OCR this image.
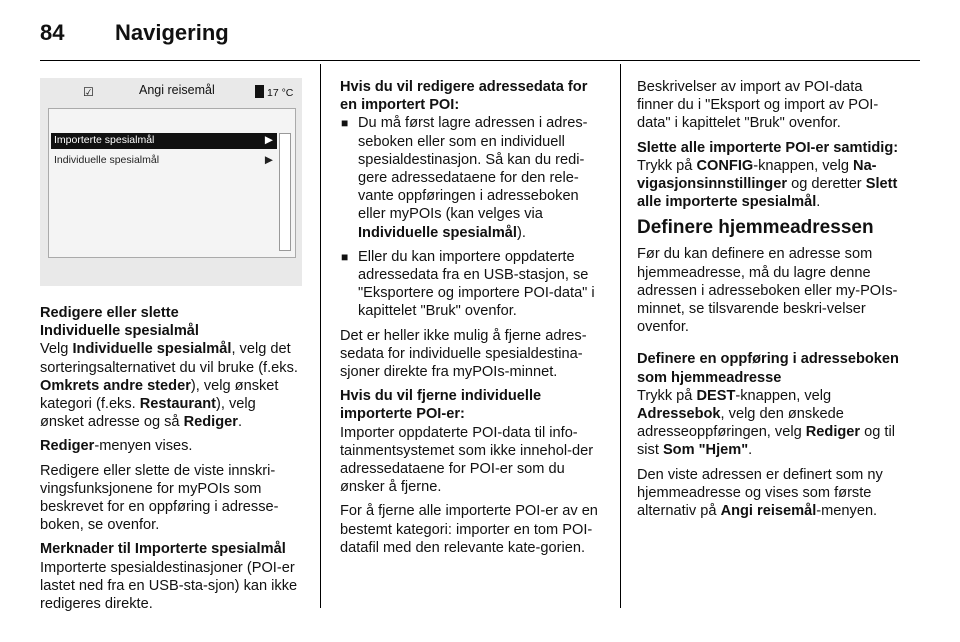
84 Navigering
☑	Angi reisemål	17 °C
Importerte spesialmål	▶
Individuelle spesialmål	▶

Redigere eller slette
Individuelle spesialmål

Velg Individuelle spesialmål, velg det sorteringsalternativet du vil bruke (f.eks. Omkrets andre steder), velg ønsket kategori (f.eks. Restaurant), velg ønsket adresse og så Rediger.

Rediger-menyen vises.

Redigere eller slette de viste innskri-vingsfunksjonene for myPOIs som beskrevet for en oppføring i adresse-boken, se ovenfor.

Merknader til Importerte spesialmål

Importerte spesialdestinasjoner (POI-er lastet ned fra en USB-sta-sjon) kan ikke redigeres direkte.

Hvis du vil redigere adressedata for en importert POI:

■ Du må først lagre adressen i adres-seboken eller som en individuell spesialdestinasjon. Så kan du redi-gere adressedataene for den rele-vante oppføringen i adresseboken eller myPOIs (kan velges via Individuelle spesialmål).
■ Eller du kan importere oppdaterte adressedata fra en USB-stasjon, se "Eksportere og importere POI-data" i kapittelet "Bruk" ovenfor.

Det er heller ikke mulig å fjerne adres-sedata for individuelle spesialdestina-sjoner direkte fra myPOIs-minnet.

Hvis du vil fjerne individuelle importerte POI-er:

Importer oppdaterte POI-data til info-tainmentsystemet som ikke innehol-der adressedataene for POI-er som du ønsker å fjerne.

For å fjerne alle importerte POI-er av en bestemt kategori: importer en tom POI-datafil med den relevante kate-gorien.

Beskrivelser av import av POI-data finner du i "Eksport og import av POI-data" i kapittelet "Bruk" ovenfor.

Slette alle importerte POI-er samtidig:

Trykk på CONFIG-knappen, velg Na-vigasjonsinnstillinger og deretter Slett alle importerte spesialmål.

Definere hjemmeadressen

Før du kan definere en adresse som hjemmeadresse, må du lagre denne adressen i adresseboken eller my-POIs-minnet, se tilsvarende beskri-velser ovenfor.

Definere en oppføring i adresseboken som hjemmeadresse

Trykk på DEST-knappen, velg Adressebok, velg den ønskede adresseoppføringen, velg Rediger og til sist Som "Hjem".

Den viste adressen er definert som ny hjemmeadresse og vises som første alternativ på Angi reisemål-menyen.
